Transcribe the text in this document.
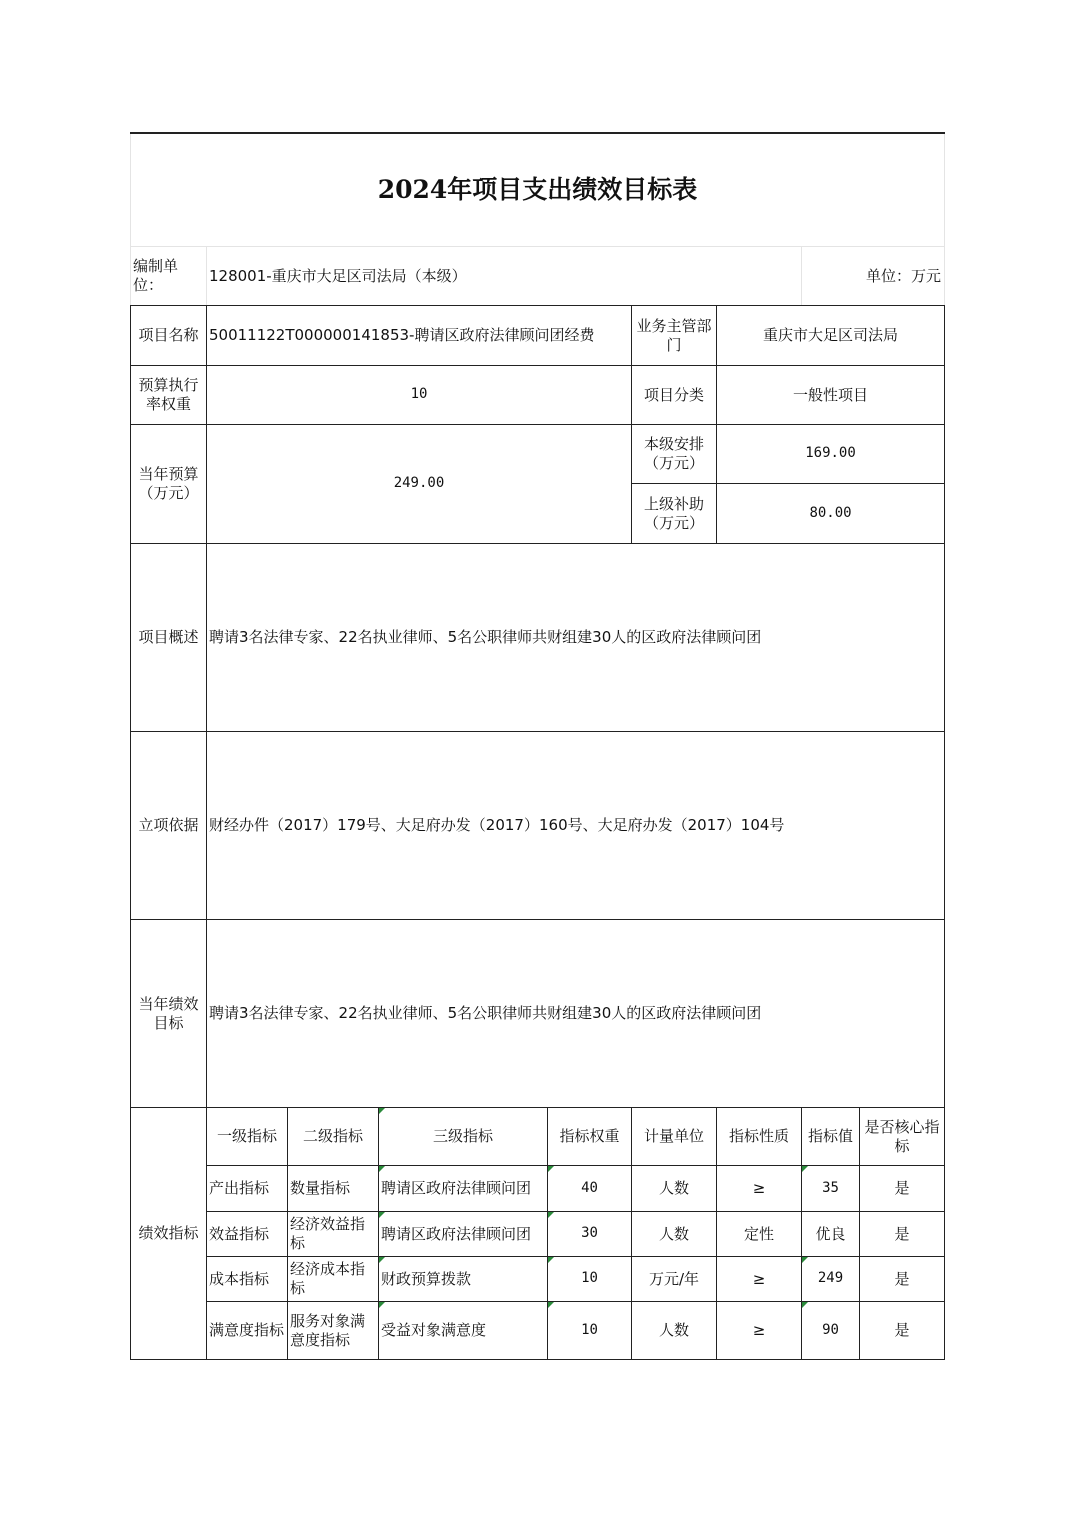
2024年项目支出绩效目标表								
编制单位：	128001-重庆市大足区司法局（本级）						单位：万元	
项目名称	50011122T000000141853-聘请区政府法律顾问团经费				业务主管部门	重庆市大足区司法局		
预算执行率权重	10				项目分类	一般性项目		
当年预算（万元）	249.00				本级安排（万元）	169.00		
					上级补助（万元）	80.00		
项目概述	聘请3名法律专家、22名执业律师、5名公职律师共财组建30人的区政府法律顾问团							
立项依据	财经办件（2017）179号、大足府办发（2017）160号、大足府办发（2017）104号							
当年绩效目标	聘请3名法律专家、22名执业律师、5名公职律师共财组建30人的区政府法律顾问团							
绩效指标	一级指标	二级指标	三级指标	指标权重	计量单位	指标性质	指标值	是否核心指标
	产出指标	数量指标	聘请区政府法律顾问团	40	人数	≥	35	是
	效益指标	经济效益指标	聘请区政府法律顾问团	30	人数	定性	优良	是
	成本指标	经济成本指标	财政预算拨款	10	万元/年	≥	249	是
	满意度指标	服务对象满意度指标	受益对象满意度	10	人数	≥	90	是
